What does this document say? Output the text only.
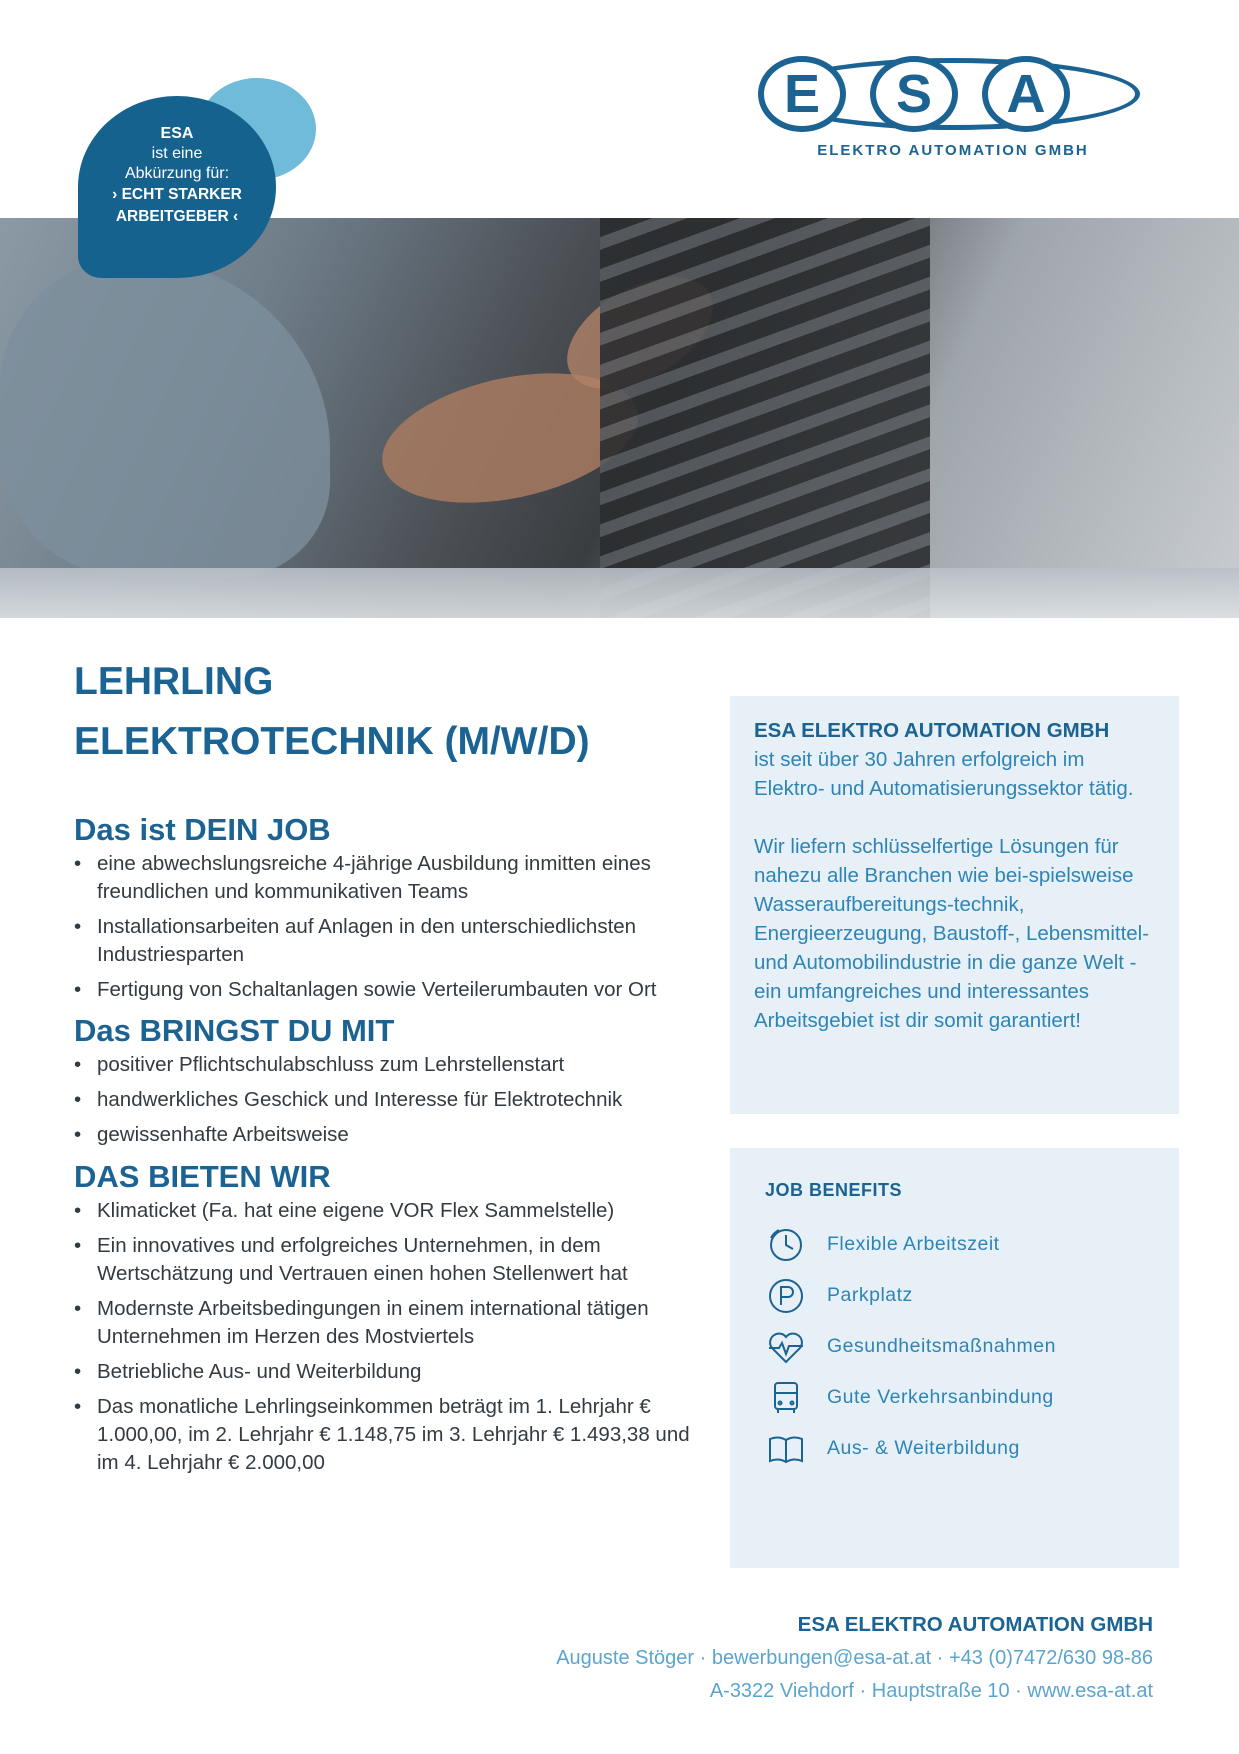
E	S	A
ELEKTRO AUTOMATION GMBH
ESA
ist eine
Abkürzung für:
› ECHT STARKER
ARBEITGEBER ‹
LEHRLING
ELEKTROTECHNIK (M/W/D)
Das ist DEIN JOB
• eine abwechslungsreiche 4-jährige Ausbildung inmitten eines freundlichen und kommunikativen Teams
• Installationsarbeiten auf Anlagen in den unterschiedlichsten Industriesparten
• Fertigung von Schaltanlagen sowie Verteilerumbauten vor Ort
Das BRINGST DU MIT
• positiver Pflichtschulabschluss zum Lehrstellenstart
• handwerkliches Geschick und Interesse für Elektrotechnik
• gewissenhafte Arbeitsweise
DAS BIETEN WIR
• Klimaticket (Fa. hat eine eigene VOR Flex Sammelstelle)
• Ein innovatives und erfolgreiches Unternehmen, in dem Wertschätzung und Vertrauen einen hohen Stellenwert hat
• Modernste Arbeitsbedingungen in einem international tätigen Unternehmen im Herzen des Mostviertels
• Betriebliche Aus- und Weiterbildung
• Das monatliche Lehrlingseinkommen beträgt im 1. Lehrjahr € 1.000,00, im 2. Lehrjahr € 1.148,75 im 3. Lehrjahr € 1.493,38 und im 4. Lehrjahr € 2.000,00
ESA ELEKTRO AUTOMATION GMBH

ist seit über 30 Jahren erfolgreich im Elektro- und Automatisierungssektor tätig.

Wir liefern schlüsselfertige Lösungen für nahezu alle Branchen wie bei-spielsweise Wasseraufbereitungs-technik, Energieerzeugung, Baustoff-, Lebensmittel- und Automobilindustrie in die ganze Welt - ein umfangreiches und interessantes Arbeitsgebiet ist dir somit garantiert!

JOB BENEFITS
Flexible Arbeitszeit
Parkplatz
Gesundheitsmaßnahmen
Gute Verkehrsanbindung
Aus- & Weiterbildung
ESA ELEKTRO AUTOMATION GMBH
Auguste Stöger · bewerbungen@esa-at.at · +43 (0)7472/630 98-86
A-3322 Viehdorf · Hauptstraße 10 · www.esa-at.at
